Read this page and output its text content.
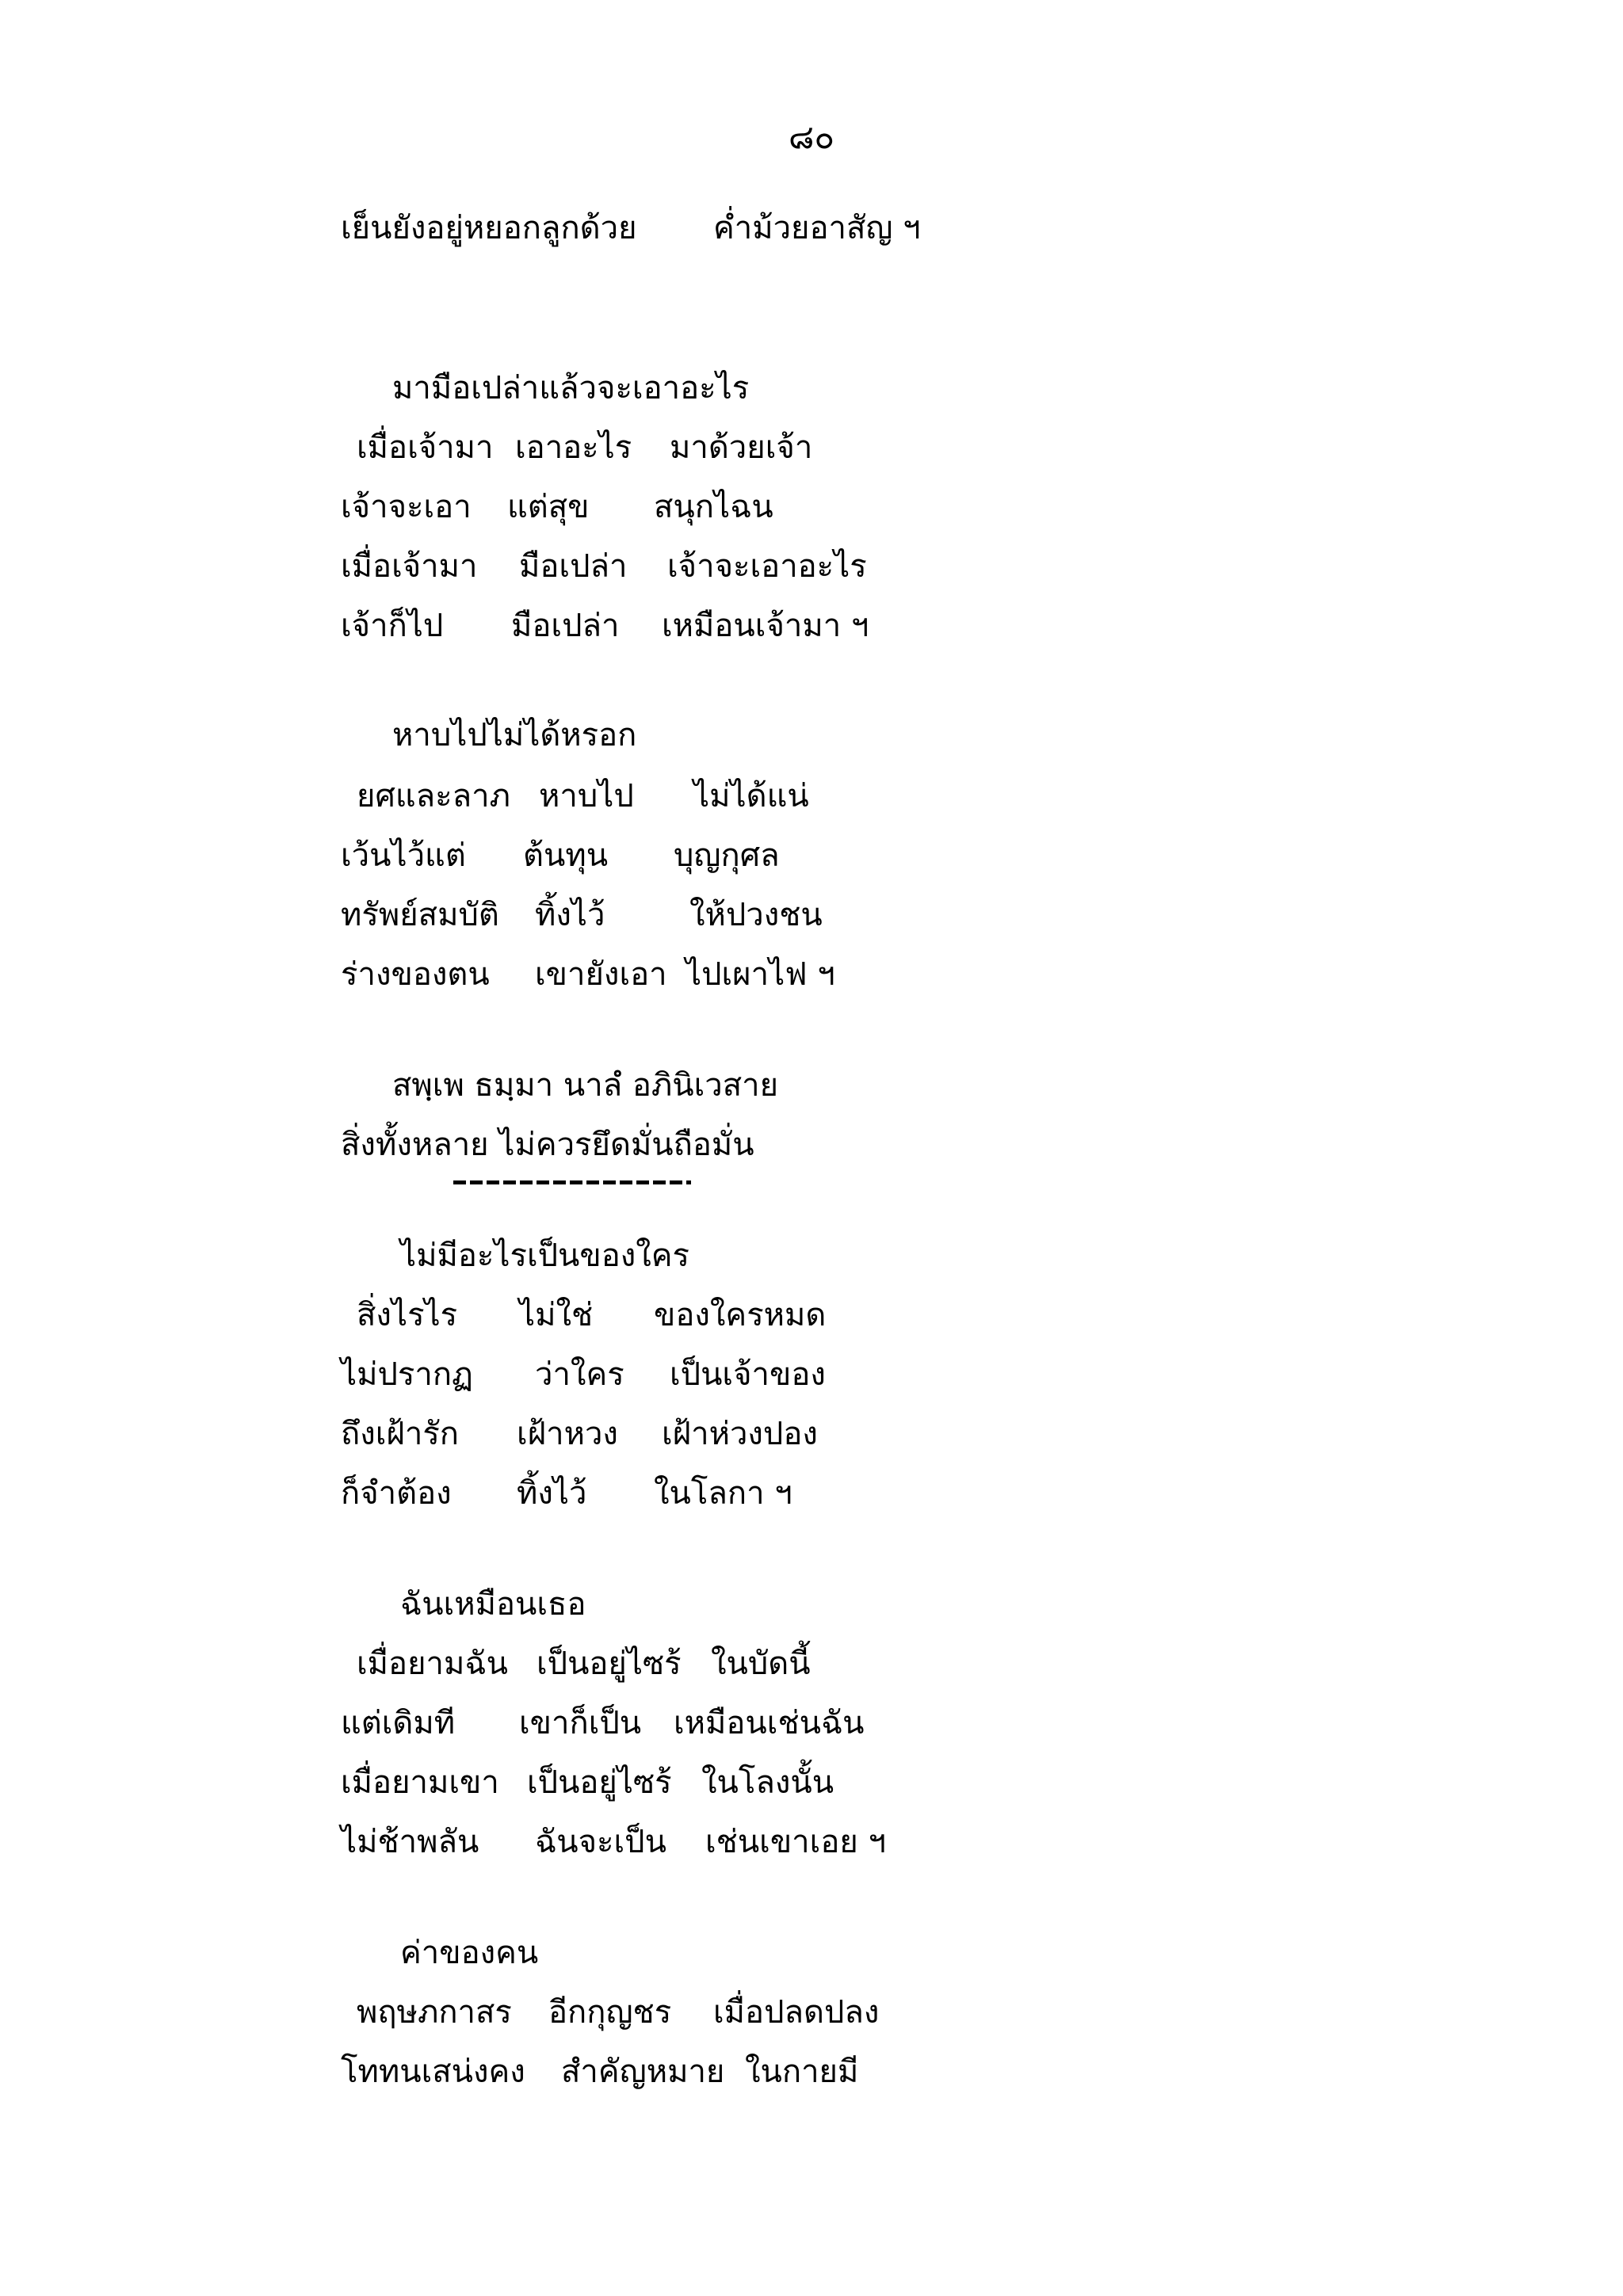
๘๐
เย็นยังอยู่หยอกลูกด้วย ค่ำม้วยอาสัญ ฯ
มามือเปล่าแล้วจะเอาอะไร
เมื่อเจ้ามา เอาอะไร มาด้วยเจ้า
เจ้าจะเอา แต่สุข สนุกไฉน
เมื่อเจ้ามา มือเปล่า เจ้าจะเอาอะไร
เจ้าก็ไป มือเปล่า เหมือนเจ้ามา ฯ
หาบไปไม่ได้หรอก
ยศและลาภ หาบไป ไม่ได้แน่
เว้นไว้แต่ ต้นทุน บุญกุศล
ทรัพย์สมบัติ ทิ้งไว้	ให้ปวงชน
ร่างของตน เขายังเอา ไปเผาไฟ ฯ
สพฺเพ ธมฺมา นาลํ อภินิเวสาย
สิ่งทั้งหลาย ไม่ควรยึดมั่นถือมั่น
ไม่มีอะไรเป็นของใคร
สิ่งไรไร ไม่ใช่ ของใครหมด
ไม่ปรากฏ ว่าใคร เป็นเจ้าของ
ถึงเฝ้ารัก เฝ้าหวง เฝ้าห่วงปอง
ก็จำต้อง ทิ้งไว้ ในโลกา ฯ
ฉันเหมือนเธอ
เมื่อยามฉัน เป็นอยู่ไซร้ ในบัดนี้
แต่เดิมที เขาก็เป็น เหมือนเช่นฉัน
เมื่อยามเขา เป็นอยู่ไซร้ ในโลงนั้น
ไม่ช้าพลัน ฉันจะเป็น เช่นเขาเอย ฯ
ค่าของคน
พฤษภกาสร อีกกุญชร เมื่อปลดปลง
โททนเสน่งคง สำคัญหมาย ในกายมี
